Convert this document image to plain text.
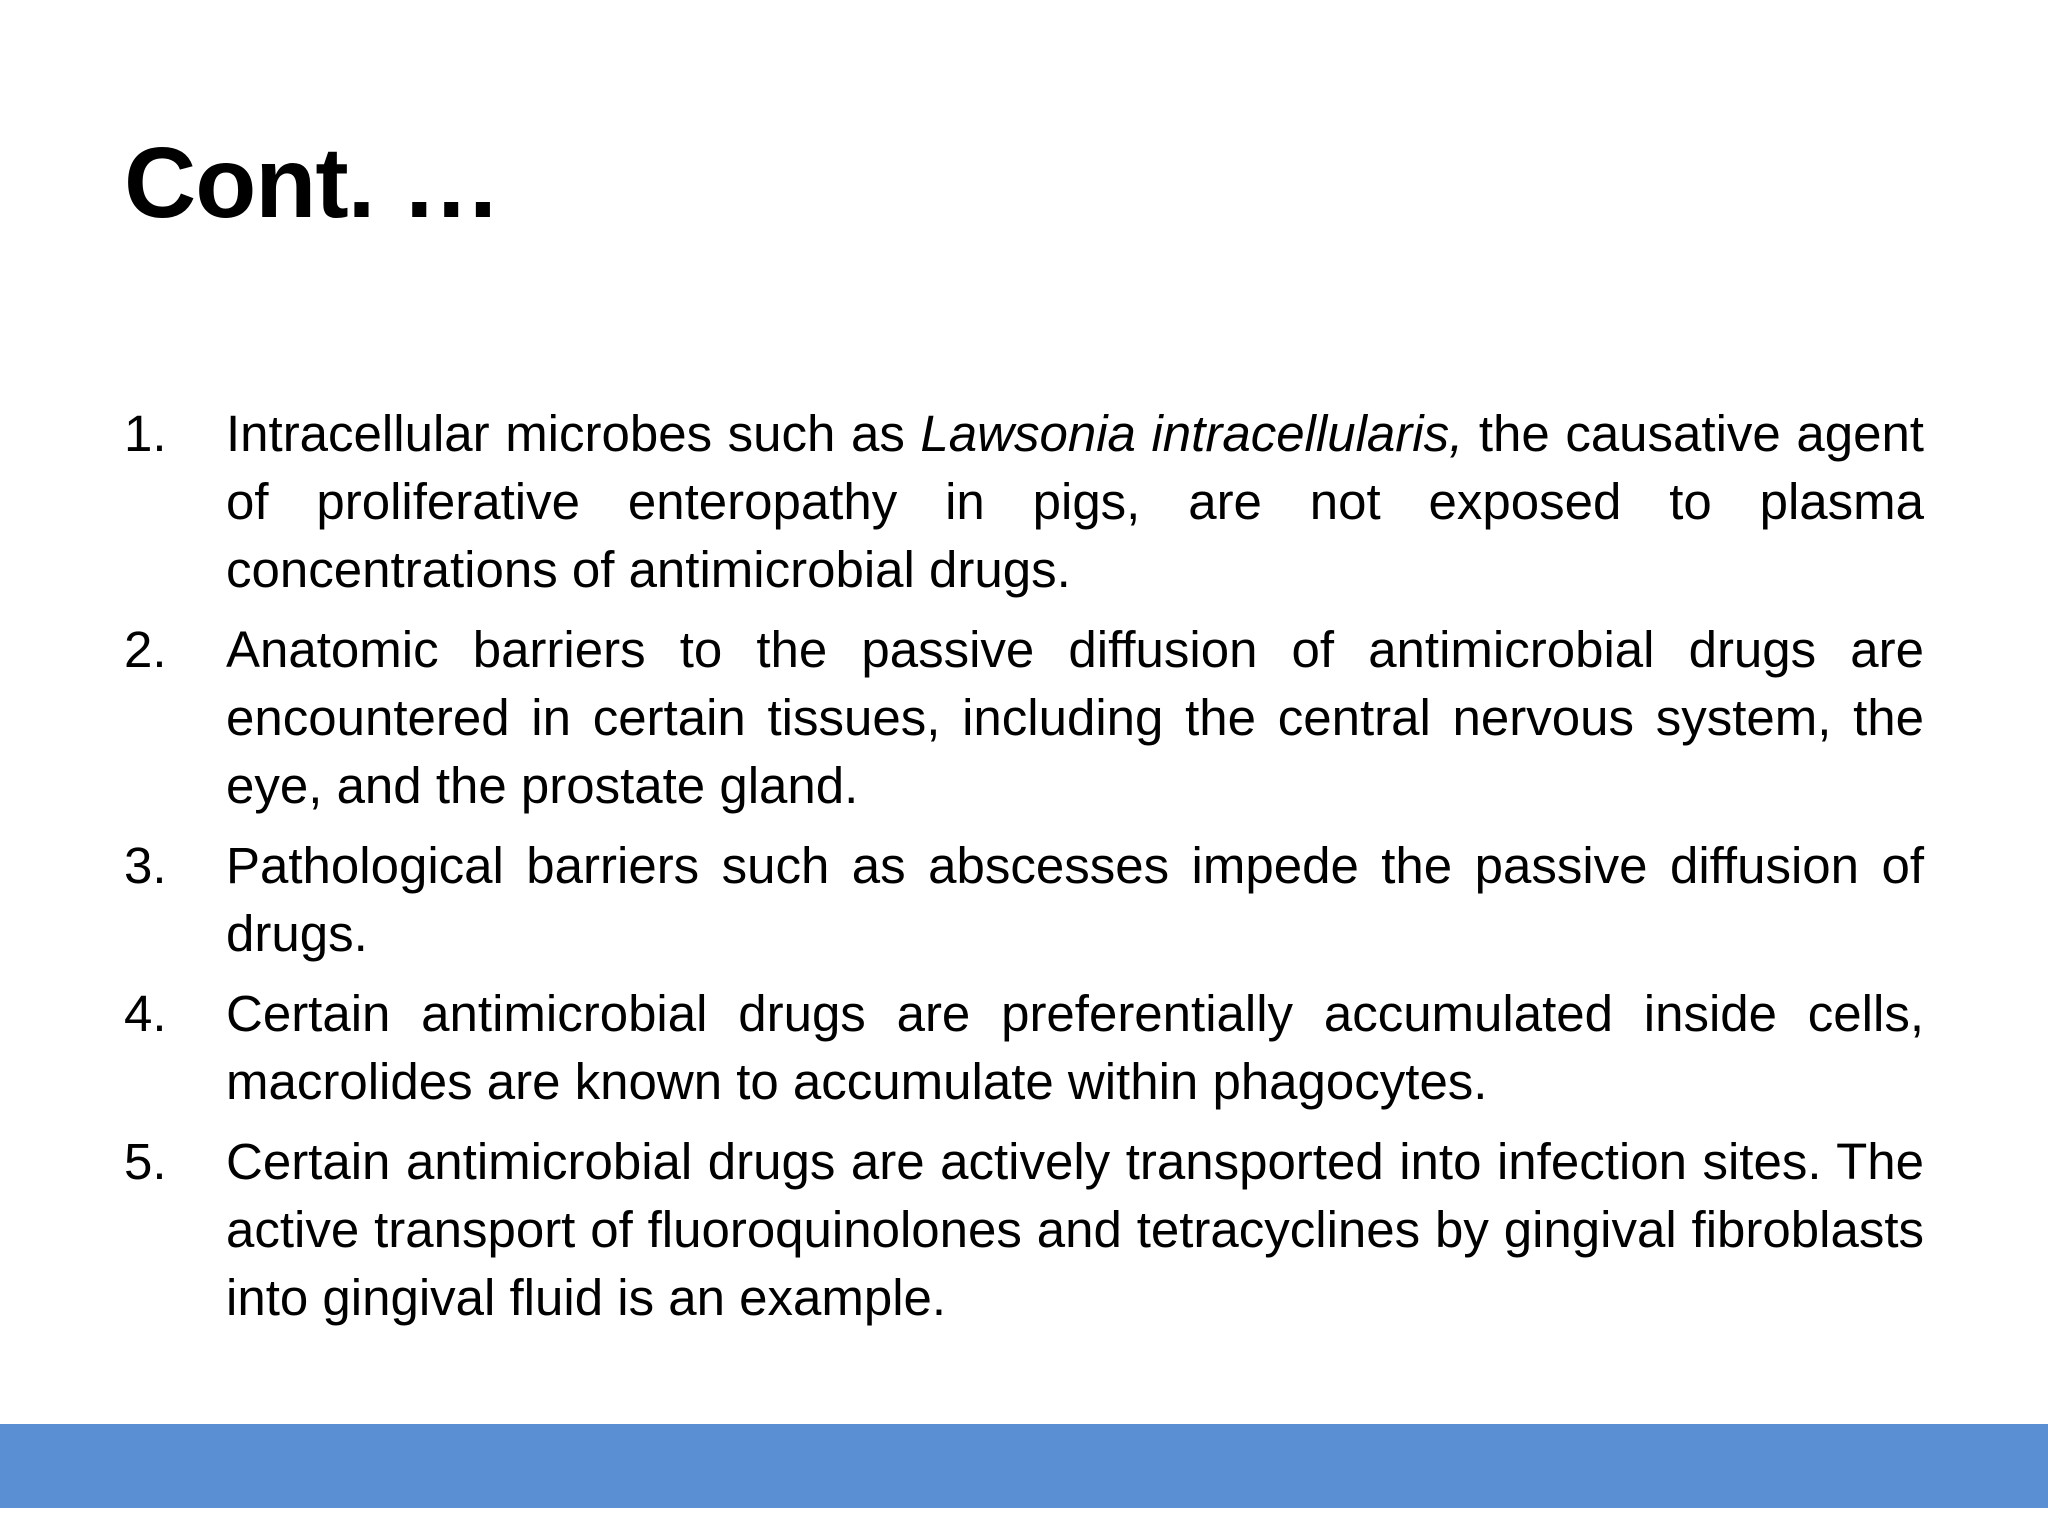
Cont. …
1.	Intracellular microbes such as Lawsonia intracellularis, the causative agent of proliferative enteropathy in pigs, are not exposed to plasma concentrations of antimicrobial drugs.
2.	Anatomic barriers to the passive diffusion of antimicrobial drugs are encountered in certain tissues, including the central nervous system, the eye, and the prostate gland.
3.	Pathological barriers such as abscesses impede the passive diffusion of drugs.
4.	Certain antimicrobial drugs are preferentially accumulated inside cells, macrolides are known to accumulate within phagocytes.
5.	Certain antimicrobial drugs are actively transported into infection sites. The active transport of fluoroquinolones and tetracyclines by gingival fibroblasts into gingival fluid is an example.
